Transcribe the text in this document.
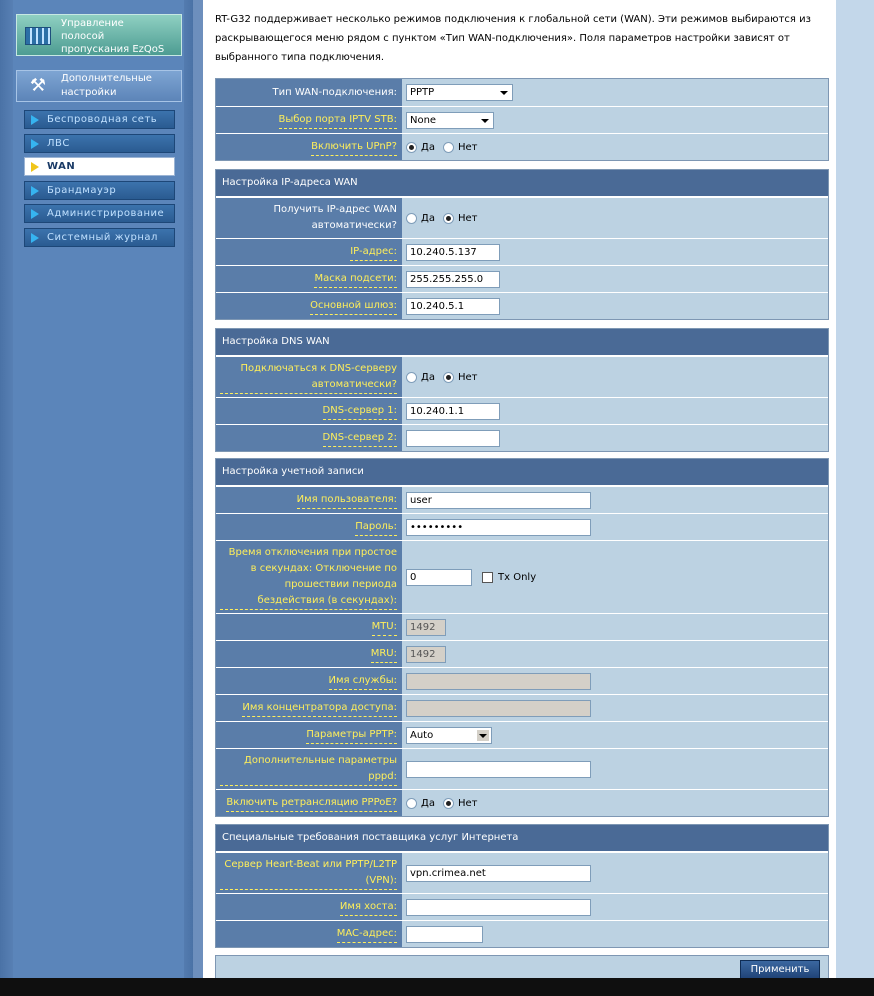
Управление полосой пропускания EzQoS
⚒ Дополнительные настройки
Беспроводная сеть
ЛВС
WAN
Брандмауэр
Администрирование
Системный журнал
RT-G32 поддерживает несколько режимов подключения к глобальной сети (WAN). Эти режимов выбираются из раскрывающегося меню рядом с пунктом «Тип WAN-подключения». Поля параметров настройки зависят от выбранного типа подключения.
Тип WAN-подключения:	PPTP
Выбор порта IPTV STB:	None
Включить UPnP? Да Нет
Настройка IP-адреса WAN
Получить IP-адрес WAN автоматически?
Да Нет
IP-адрес:	10.240.5.137
Маска подсети:	255.255.255.0
Основной шлюз:	10.240.5.1
Настройка DNS WAN
Подключаться к DNS-серверу автоматически?
Да Нет
DNS-сервер 1:	10.240.1.1
DNS-сервер 2:
Настройка учетной записи
Имя пользователя:	user
Пароль:	•••••••••
Время отключения при простое в секундах: Отключение по прошествии периода бездействия (в секундах):
0	Tx Only
MTU:	1492
MRU:	1492
Имя службы:
Имя концентратора доступа:
Параметры PPTP:	Auto
Дополнительные параметры pppd:
Включить ретрансляцию PPPoE? Да Нет
Специальные требования поставщика услуг Интернета
Сервер Heart-Beat или PPTP/L2TP (VPN):
vpn.crimea.net
Имя хоста:
MAC-адрес:
Применить
